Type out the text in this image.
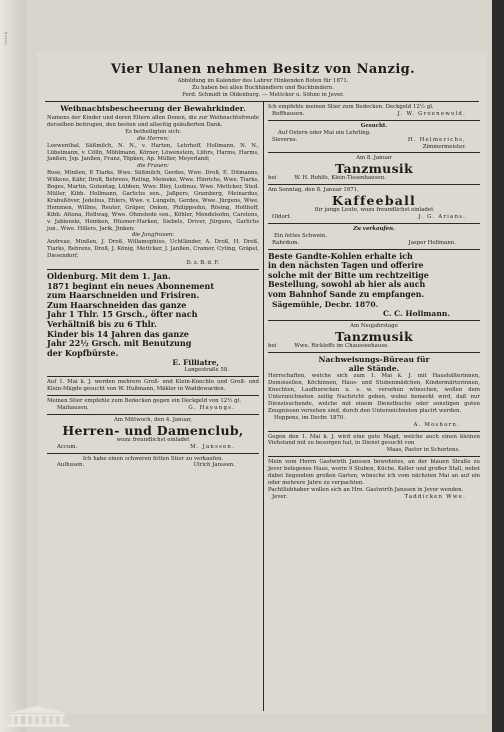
Grsch.
Vier Ulanen nehmen Besitz von Nanzig.
Abbildung im Kalender des Lahrer Hinkenden Boten für 1871.
Zu haben bei allen Buchhändlern und Buchbindern.
Ferd. Schmidt in Oldenburg. — Mettcker u. Söhne in Jever.
Weihnachtsbescheerung der Bewahrkinder.
Namens der Kinder und deren Eltern allen Denen, die zur Weihnachtsfreude derselben beitrugen, den besten und allseitig geäußerten Dank.
Es betheiligten sich:
die Herren:
Loewenthal, Süßmilch, N. N., v. Harten, Lehrhoff, Hollmann, N. N., Lübelmann, v. Cölln, Möhlmann, Körner, Löwenstein, Lührs, Harms, Harms, Janßen, Jsp. Janßen, Franz, Töpken, Ap. Müller, Meyerland;
die Frauen:
Rose, Minßen, P. Tiarks, Wwe. Süßmilch, Gerdes, Wwe. Droß, E. Ditmanns, Wilkens, Kähr, Droß, Behrens, Reling, Meineke, Wwe. Hinrichs, Wwe. Tiarks, Boges, Martin, Gutentag, Lübben, Wwe. Bley, Ludinus, Wwe. Mettcker, Sted. Müller, Kibb. Hollmann, Garlichs sen., Jaßpers, Gramberg, Meinardus, Krabußöver, Jedelius, Ehlers, Wwe. v. Lungeln, Gerdes, Wwe. Jürgens, Wwe. Hemmen, Willms, Reuter, Gräper, Onken, Philippsohn, Rösing, Holthoff, Kibb. Altona, Hellwag, Wwe. Ohmstede sen., Köhler, Mendelsohn, Carstens, v. Jabienski, Hemken, Hüsmer-Harken, Siebels, Driver, Jürgens, Garlichs jun., Wwe. Hillers, Jarik, Jinken;
die Jungfrauen:
Andreae, Minßen, J. Droß, Willamophius, Uchtländer, A. Droß, H. Droß, Tiarks, Behrens, Droß, J. König, Mettcker, J. Janßen, Cramer, Cyting, Gräpel, Diesendorf.
D. z. B. d. F.
Oldenburg. Mit dem 1. Jan.
1871 beginnt ein neues Abonnement
zum Haarschneiden und Frisiren.
Zum Haarschneiden das ganze
Jahr 1 Thlr. 15 Grsch., öfter nach
Verhältniß bis zu 6 Thlr.
Kinder bis 14 Jahren das ganze
Jahr 22½ Grsch. mit Benutzung
der Kopfbürste.
E. Filliatre,
Langestraße 58.
Auf 1. Mai k. J. werden mehrere Groß- und Klein-Knechte und Groß- und Klein-Mägde gesucht von W. Hußmann, Mäkler in Waddewarden.
Meinen Stier empfehle zum Bedecken gegen ein Deckgeld von 12½ gl.
Maihausen.	G. Hayungs.
Am Mittwoch, den 4. Januar,
Herren- und Damenclub,
wozu freundlichst einladet
Accum.	M. Janssen.
Ich habe einen schweren fetten Stier zu verkaufen.
Aulhusen.	Ulrich Janssen.
Ich empfehle meinen Stier zum Bedecken. Deckgeld 12½ gl.
Roffhausen.	J. W. Groenewold.
Gesucht.
Auf Ostern oder Mai ein Lehrling.
Sleverns.	H. Helmerichs,
Zimmermeister.
Am 8. Januar
Tanzmusik
bei	W. H. Rohlfs, Klein-Tissenhausen.
Am Sonntag, den 8. Januar 1871,
Kaffeeball
für junge Leute, wozu freundlichst einladet
Oldorf.	J. G. Arians.
Zu verkaufen.
Ein fettes Schwein.
Rahrdum.	Jasper Hollmann.
Beste Gandte-Kohlen erhalte ich
in den nächsten Tagen und offerire
solche mit der Bitte um rechtzeitige
Bestellung, sowohl ab hier als auch
vom Bahnhof Sande zu empfangen.
Sägemühle, Decbr. 1870.
C. C. Hollmann.
Am Neujahrstage
Tanzmusik
bei	Wwe. Rickleffs im Chausseehause.
Nachweisungs-Büreau für
alle Stände.
Herrschaften, welche sich zum 1. Mai k. J. mit Haushälterinnen, Demoisellen, Köchinnen, Haus- und Stubenmädchen, Kindermärterinnen, Knechten, Laufburschen u. s. w. versehen wünschen, wollen dem Unterzeichneten zeitig Nachricht geben, wobei bemerkt wird, daß nur Dienstsuchende, welche mit einem Dienstbuche oder sonstigen guten Zeugnissen versehen sind, durch den Unterzeichneten placirt werden.
Heppens, im Decbr. 1870.
A. Moshorn.
Gegen den 1. Mai k. J. wird eine gute Magd, welche auch einen kleinen Viehstand mit zu besorgen hat, in Dienst gesucht von
Maas, Pastor in Schortens.
Mein vom Herrn Gastwirth Janssen bewohntes, an der blauen Straße zu Jever belegenes Haus, worin 9 Stuben, Küche, Keller und großer Stall, nebst dabei liegendem großen Garten, wünsche ich vom nächsten Mai an auf ein oder mehrere Jahre zu verpachten.
Pachtliebhaber wollen sich an Hrn. Gastwirth Janssen in Jever wenden.
Jever.	Taddicken Wwe.
